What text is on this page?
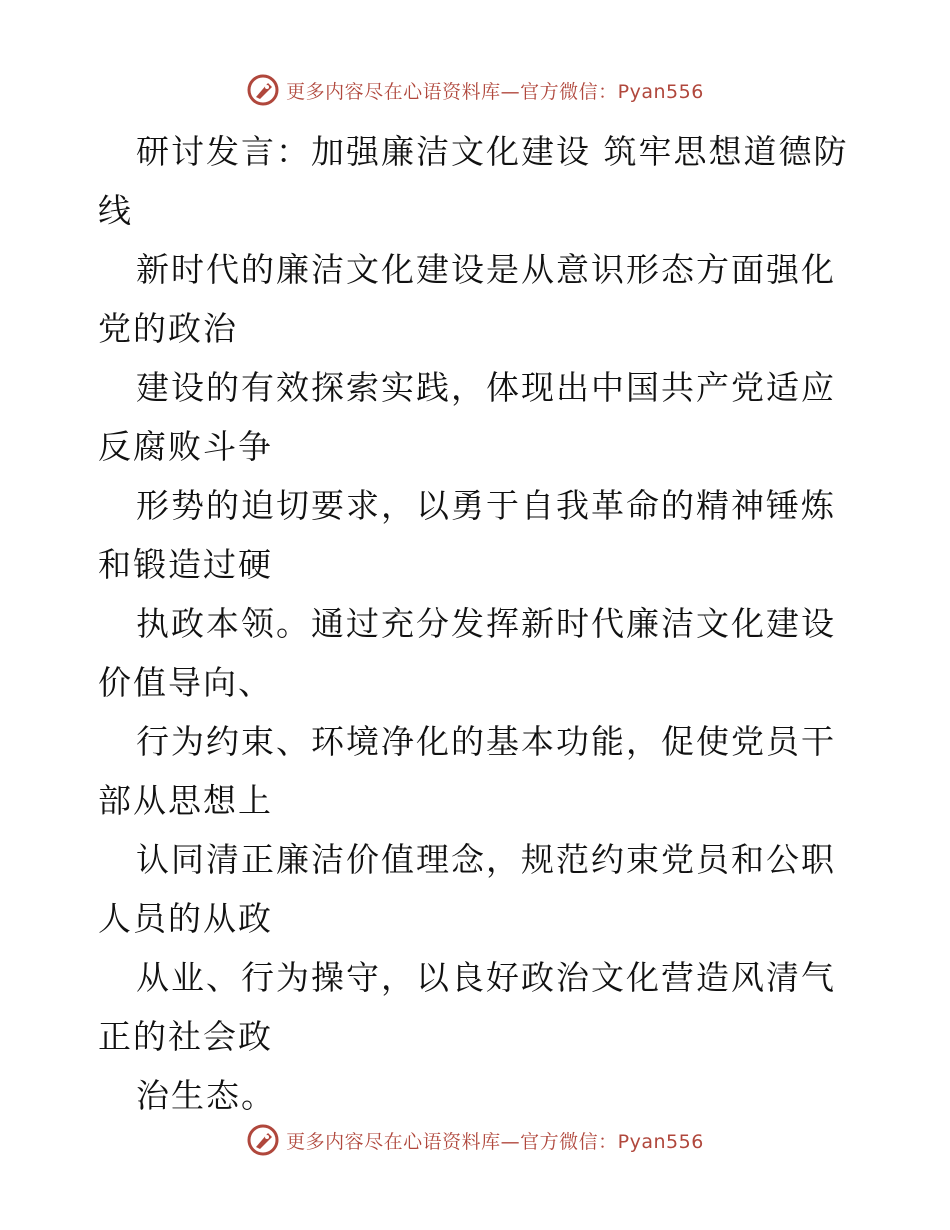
更多内容尽在心语资料库—官方微信：Pyan556

研讨发言：加强廉洁文化建设 筑牢思想道德防线

新时代的廉洁文化建设是从意识形态方面强化党的政治

建设的有效探索实践，体现出中国共产党适应反腐败斗争

形势的迫切要求，以勇于自我革命的精神锤炼和锻造过硬

执政本领。通过充分发挥新时代廉洁文化建设价值导向、

行为约束、环境净化的基本功能，促使党员干部从思想上

认同清正廉洁价值理念，规范约束党员和公职人员的从政

从业、行为操守，以良好政治文化营造风清气正的社会政

治生态。

更多内容尽在心语资料库—官方微信：Pyan556
